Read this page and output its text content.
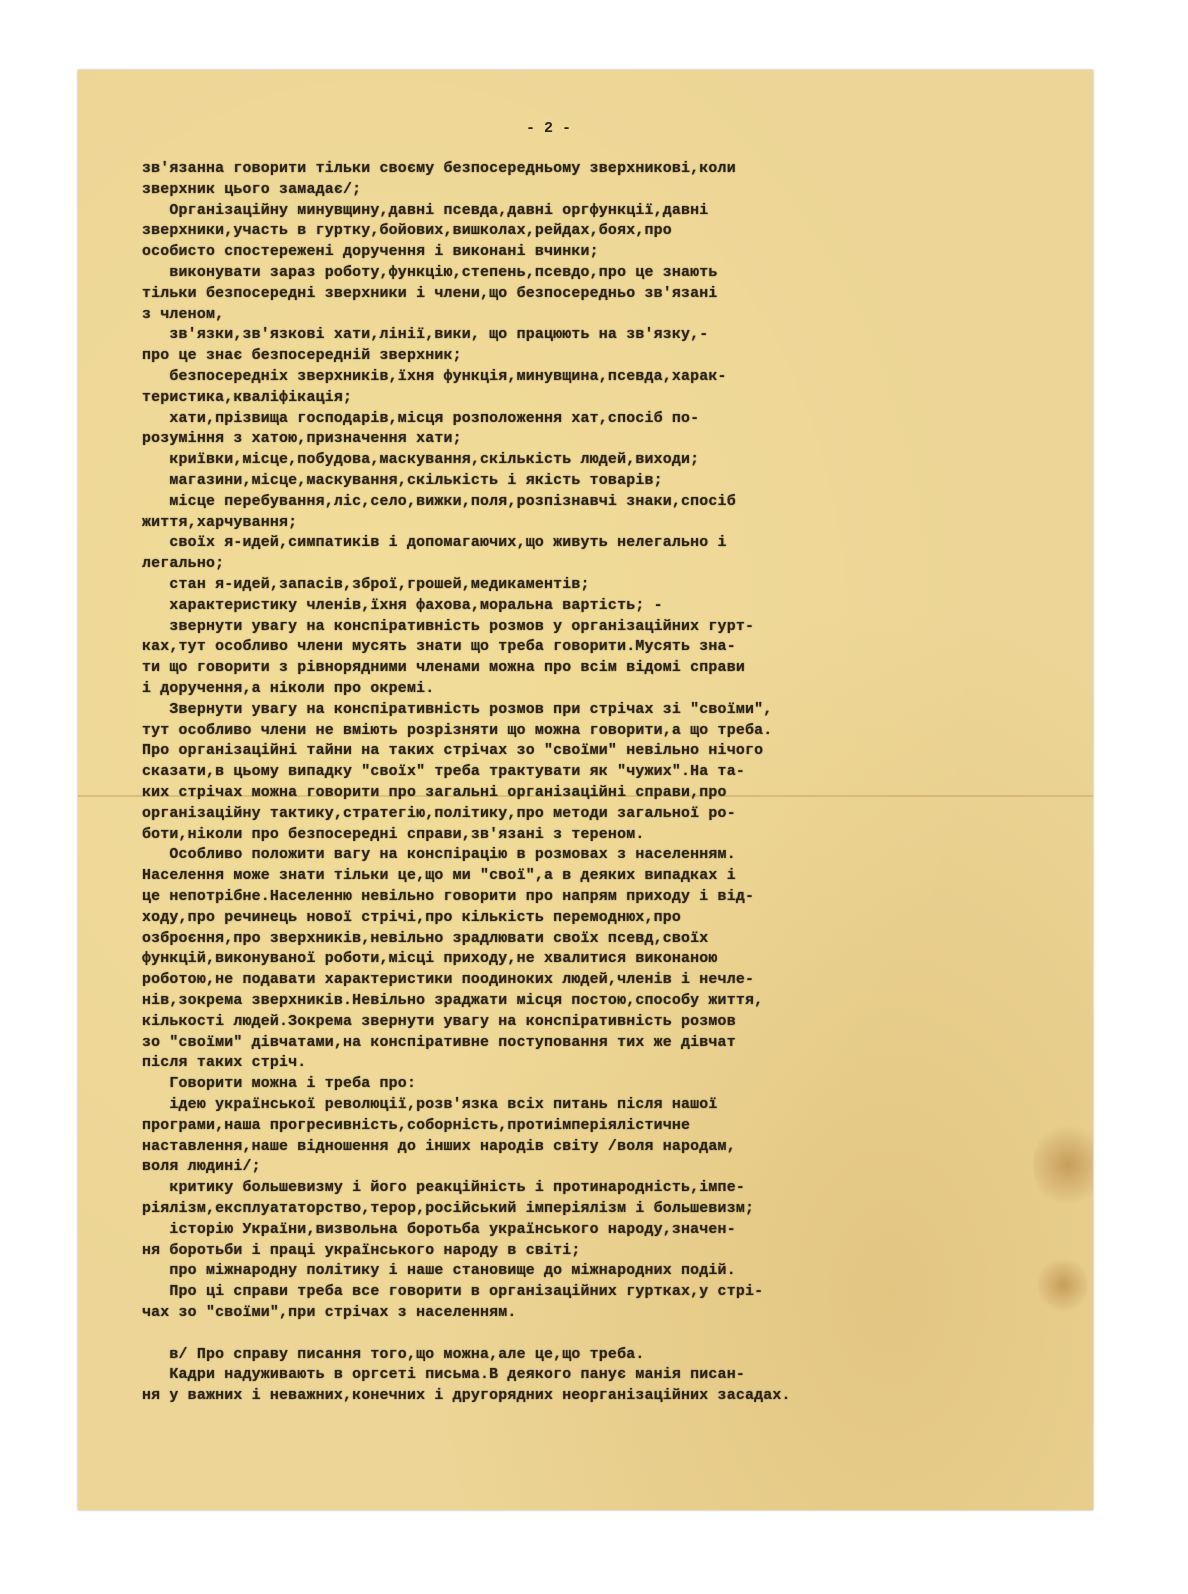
- 2 -
зв'язанна говорити тільки своєму безпосередньому зверхникові,коли
зверхник цього замадає/;
Організаційну минувщину,давні псевда,давні оргфункції,давні
зверхники,участь в гуртку,бойових,вишколах,рейдах,боях,про
особисто спостережені доручення і виконані вчинки;
виконувати зараз роботу,функцію,степень,псевдо,про це знають
тільки безпосередні зверхники і члени,що безпосередньо зв'язані
з членом,
зв'язки,зв'язкові хати,лінії,вики, що працюють на зв'язку,-
про це знає безпосередній зверхник;
безпосередніх зверхників,їхня функція,минувщина,псевда,харак-
теристика,кваліфікація;
хати,прізвища господарів,місця розположення хат,спосіб по-
розуміння з хатою,призначення хати;
криївки,місце,побудова,маскування,скількість людей,виходи;
магазини,місце,маскування,скількість і якість товарів;
місце перебування,ліс,село,вижки,поля,розпізнавчі знаки,спосіб
життя,харчування;
своїх я-идей,симпатиків і допомагаючих,що живуть нелегально і
легально;
стан я-идей,запасів,зброї,грошей,медикаментів;
характеристику членів,їхня фахова,моральна вартість; -
звернути увагу на конспіративність розмов у організаційних гурт-
ках,тут особливо члени мусять знати що треба говорити.Мусять зна-
ти що говорити з рівнорядними членами можна про всім відомі справи
і доручення,а ніколи про окремі.
Звернути увагу на конспіративність розмов при стрічах зі "своїми",
тут особливо члени не вміють розрізняти що можна говорити,а що треба.
Про організаційні тайни на таких стрічах зо "своїми" невільно нічого
сказати,в цьому випадку "своїх" треба трактувати як "чужих".На та-
ких стрічах можна говорити про загальні організаційні справи,про
організаційну тактику,стратегію,політику,про методи загальної ро-
боти,ніколи про безпосередні справи,зв'язані з тереном.
Особливо положити вагу на конспірацію в розмовах з населенням.
Населення може знати тільки це,що ми "свої",а в деяких випадках і
це непотрібне.Населенню невільно говорити про напрям приходу і від-
ходу,про речинець нової стрічі,про кількість перемоднюх,про
озброєння,про зверхників,невільно зрадлювати своїх псевд,своїх
функцій,виконуваної роботи,місці приходу,не хвалитися виконаною
роботою,не подавати характеристики поодиноких людей,членів і нечле-
нів,зокрема зверхників.Невільно зраджати місця постою,способу життя,
кількості людей.Зокрема звернути увагу на конспіративність розмов
зо "своїми" дівчатами,на конспіративне поступовання тих же дівчат
після таких стріч.
Говорити можна і треба про:
ідею української революції,розв'язка всіх питань після нашої
програми,наша прогресивність,соборність,протиімперіялістичне
наставлення,наше відношення до інших народів світу /воля народам,
воля людині/;
критику большевизму і його реакційність і протинародність,імпе-
ріялізм,експлуататорство,терор,російський імперіялізм і большевизм;
історію України,визвольна боротьба українського народу,значен-
ня боротьби і праці українського народу в світі;
про міжнародну політику і наше становище до міжнародних подій.
Про ці справи треба все говорити в організаційних гуртках,у стрі-
чах зо "своїми",при стрічах з населенням.
в/ Про справу писання того,що можна,але це,що треба.
Кадри надуживають в оргсеті письма.В деякого панує манія писан-
ня у важних і неважних,конечних і другорядних неорганізаційних засадах.
